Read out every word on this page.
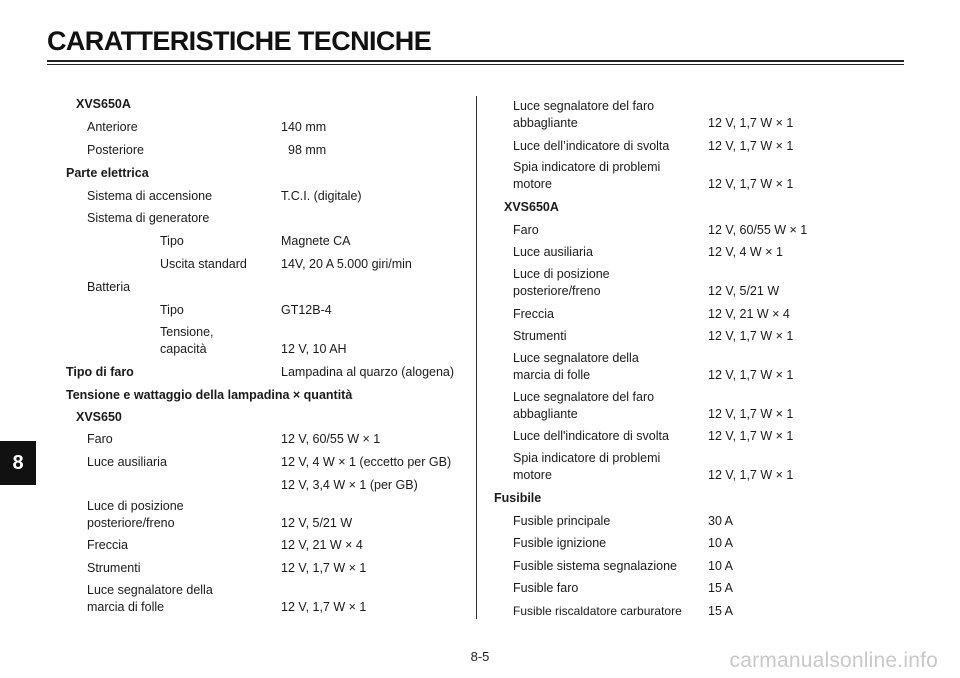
CARATTERISTICHE TECNICHE
8
XVS650A
Anteriore	140 mm
Posteriore	98 mm
Parte elettrica
Sistema di accensione	T.C.I. (digitale)
Sistema di generatore
Tipo	Magnete CA
Uscita standard	14V, 20 A 5.000 giri/min
Batteria
Tipo	GT12B-4
Tensione,
capacità	12 V, 10 AH
Tipo di faro	Lampadina al quarzo (alogena)
Tensione e wattaggio della lampadina × quantità
XVS650
Faro	12 V, 60/55 W × 1
Luce ausiliaria	12 V, 4 W × 1 (eccetto per GB)
12 V, 3,4 W × 1 (per GB)
Luce di posizione
posteriore/freno	12 V, 5/21 W
Freccia	12 V, 21 W × 4
Strumenti	12 V, 1,7 W × 1
Luce segnalatore della
marcia di folle	12 V, 1,7 W × 1
Luce segnalatore del faro
abbagliante	12 V, 1,7 W × 1
Luce dell’indicatore di svolta	12 V, 1,7 W × 1
Spia indicatore di problemi
motore	12 V, 1,7 W × 1
XVS650A
Faro	12 V, 60/55 W × 1
Luce ausiliaria	12 V, 4 W × 1
Luce di posizione
posteriore/freno	12 V, 5/21 W
Freccia	12 V, 21 W × 4
Strumenti	12 V, 1,7 W × 1
Luce segnalatore della
marcia di folle	12 V, 1,7 W × 1
Luce segnalatore del faro
abbagliante	12 V, 1,7 W × 1
Luce dell'indicatore di svolta	12 V, 1,7 W × 1
Spia indicatore di problemi
motore	12 V, 1,7 W × 1
Fusibile
Fusible principale	30 A
Fusible ignizione	10 A
Fusible sistema segnalazione 10 A
Fusible faro	15 A
Fusible riscaldatore carburatore 15 A
8-5	carmanualsonline.info
